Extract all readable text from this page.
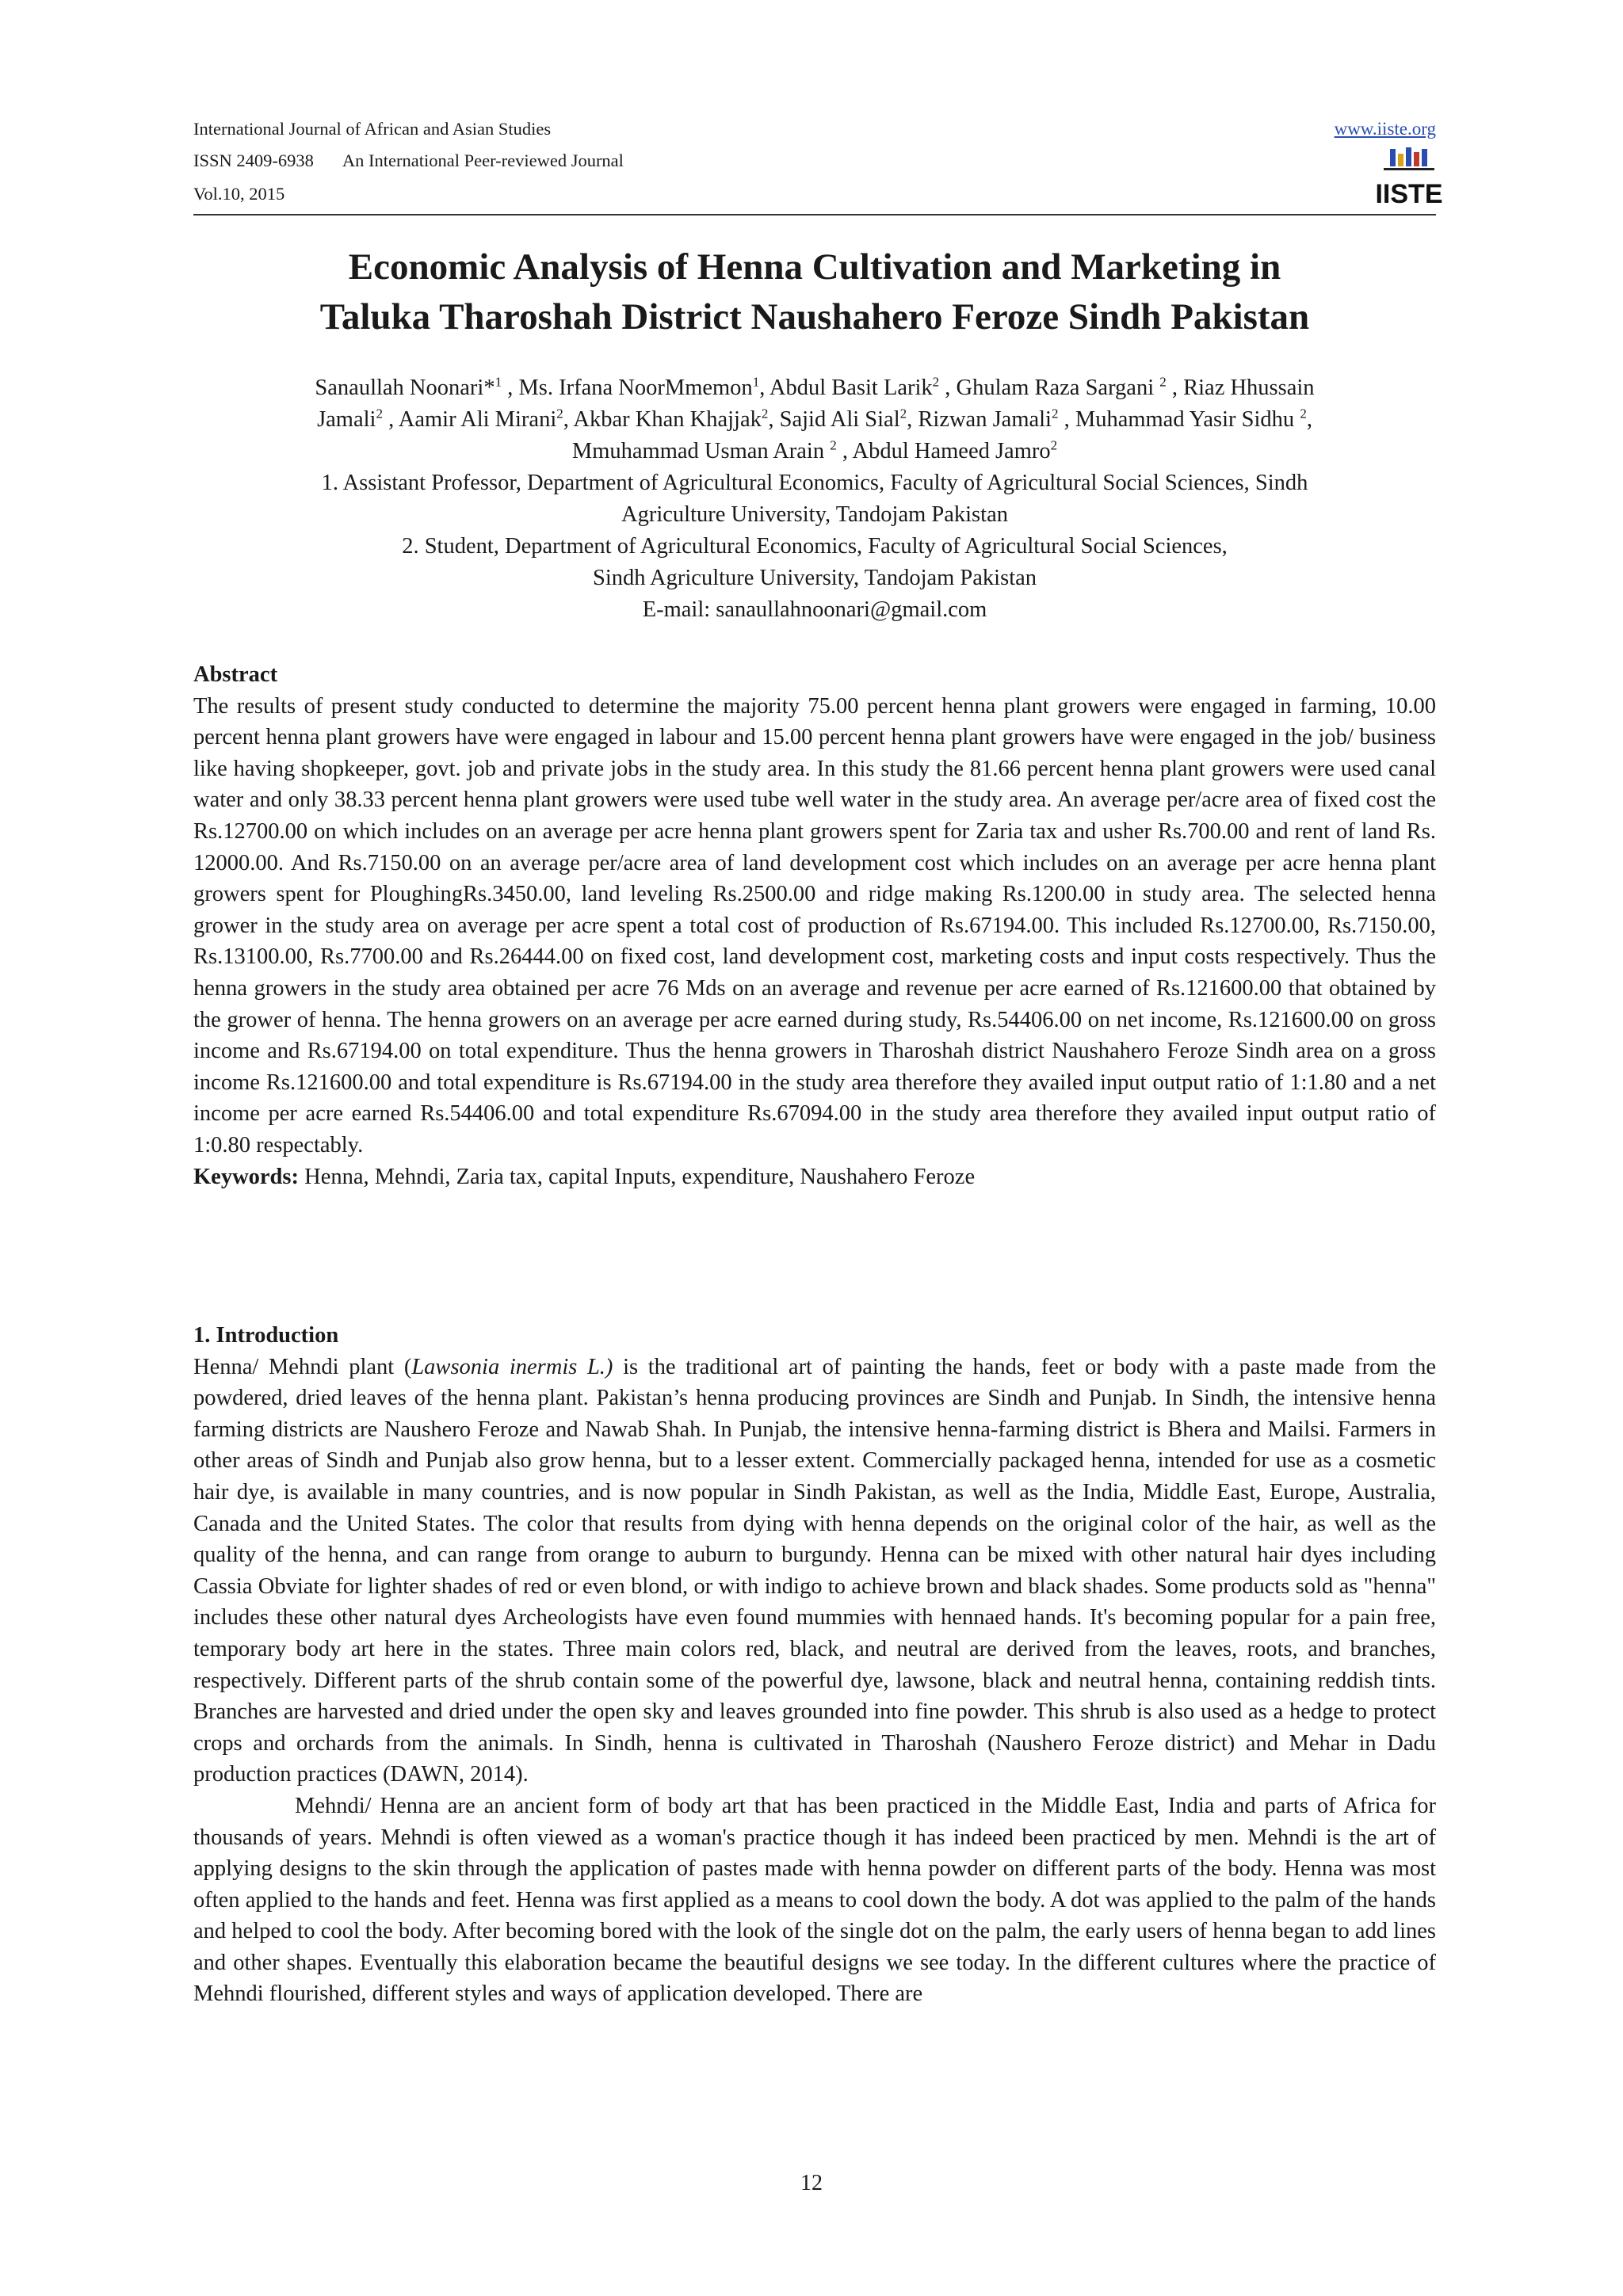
International Journal of African and Asian Studies
ISSN 2409-6938 An International Peer-reviewed Journal
Vol.10, 2015
www.iiste.org
IISTE
Economic Analysis of Henna Cultivation and Marketing in
Taluka Tharoshah District Naushahero Feroze Sindh Pakistan

Sanaullah Noonari*$^1$ , Ms. Irfana NoorMmemon$^1$, Abdul Basit Larik$^2$ , Ghulam Raza Sargani $^2$ , Riaz Hhussain
Jamali$^2$ , Aamir Ali Mirani$^2$, Akbar Khan Khajjak$^2$, Sajid Ali Sial$^2$, Rizwan Jamali$^2$ , Muhammad Yasir Sidhu $^2$,
Mmuhammad Usman Arain $^2$ , Abdul Hameed Jamro$^2$
1. Assistant Professor, Department of Agricultural Economics, Faculty of Agricultural Social Sciences, Sindh
Agriculture University, Tandojam Pakistan
2. Student, Department of Agricultural Economics, Faculty of Agricultural Social Sciences,
Sindh Agriculture University, Tandojam Pakistan
E-mail: sanaullahnoonari@gmail.com

Abstract
The results of present study conducted to determine the majority 75.00 percent henna plant growers were engaged in farming, 10.00 percent henna plant growers have were engaged in labour and 15.00 percent henna plant growers have were engaged in the job/ business like having shopkeeper, govt. job and private jobs in the study area. In this study the 81.66 percent henna plant growers were used canal water and only 38.33 percent henna plant growers were used tube well water in the study area. An average per/acre area of fixed cost the Rs.12700.00 on which includes on an average per acre henna plant growers spent for Zaria tax and usher Rs.700.00 and rent of land Rs. 12000.00. And Rs.7150.00 on an average per/acre area of land development cost which includes on an average per acre henna plant growers spent for PloughingRs.3450.00, land leveling Rs.2500.00 and ridge making Rs.1200.00 in study area. The selected henna grower in the study area on average per acre spent a total cost of production of Rs.67194.00. This included Rs.12700.00, Rs.7150.00, Rs.13100.00, Rs.7700.00 and Rs.26444.00 on fixed cost, land development cost, marketing costs and input costs respectively. Thus the henna growers in the study area obtained per acre 76 Mds on an average and revenue per acre earned of Rs.121600.00 that obtained by the grower of henna. The henna growers on an average per acre earned during study, Rs.54406.00 on net income, Rs.121600.00 on gross income and Rs.67194.00 on total expenditure. Thus the henna growers in Tharoshah district Naushahero Feroze Sindh area on a gross income Rs.121600.00 and total expenditure is Rs.67194.00 in the study area therefore they availed input output ratio of 1:1.80 and a net income per acre earned Rs.54406.00 and total expenditure Rs.67094.00 in the study area therefore they availed input output ratio of 1:0.80 respectably.
Keywords: Henna, Mehndi, Zaria tax, capital Inputs, expenditure, Naushahero Feroze
1. Introduction
Henna/ Mehndi plant (Lawsonia inermis L.) is the traditional art of painting the hands, feet or body with a paste made from the powdered, dried leaves of the henna plant. Pakistan’s henna producing provinces are Sindh and Punjab. In Sindh, the intensive henna farming districts are Naushero Feroze and Nawab Shah. In Punjab, the intensive henna-farming district is Bhera and Mailsi. Farmers in other areas of Sindh and Punjab also grow henna, but to a lesser extent. Commercially packaged henna, intended for use as a cosmetic hair dye, is available in many countries, and is now popular in Sindh Pakistan, as well as the India, Middle East, Europe, Australia, Canada and the United States. The color that results from dying with henna depends on the original color of the hair, as well as the quality of the henna, and can range from orange to auburn to burgundy. Henna can be mixed with other natural hair dyes including Cassia Obviate for lighter shades of red or even blond, or with indigo to achieve brown and black shades. Some products sold as "henna" includes these other natural dyes Archeologists have even found mummies with hennaed hands. It's becoming popular for a pain free, temporary body art here in the states. Three main colors red, black, and neutral are derived from the leaves, roots, and branches, respectively. Different parts of the shrub contain some of the powerful dye, lawsone, black and neutral henna, containing reddish tints. Branches are harvested and dried under the open sky and leaves grounded into fine powder. This shrub is also used as a hedge to protect crops and orchards from the animals. In Sindh, henna is cultivated in Tharoshah (Naushero Feroze district) and Mehar in Dadu production practices (DAWN, 2014).
Mehndi/ Henna are an ancient form of body art that has been practiced in the Middle East, India and parts of Africa for thousands of years. Mehndi is often viewed as a woman's practice though it has indeed been practiced by men. Mehndi is the art of applying designs to the skin through the application of pastes made with henna powder on different parts of the body. Henna was most often applied to the hands and feet. Henna was first applied as a means to cool down the body. A dot was applied to the palm of the hands and helped to cool the body. After becoming bored with the look of the single dot on the palm, the early users of henna began to add lines and other shapes. Eventually this elaboration became the beautiful designs we see today. In the different cultures where the practice of Mehndi flourished, different styles and ways of application developed. There are
12
